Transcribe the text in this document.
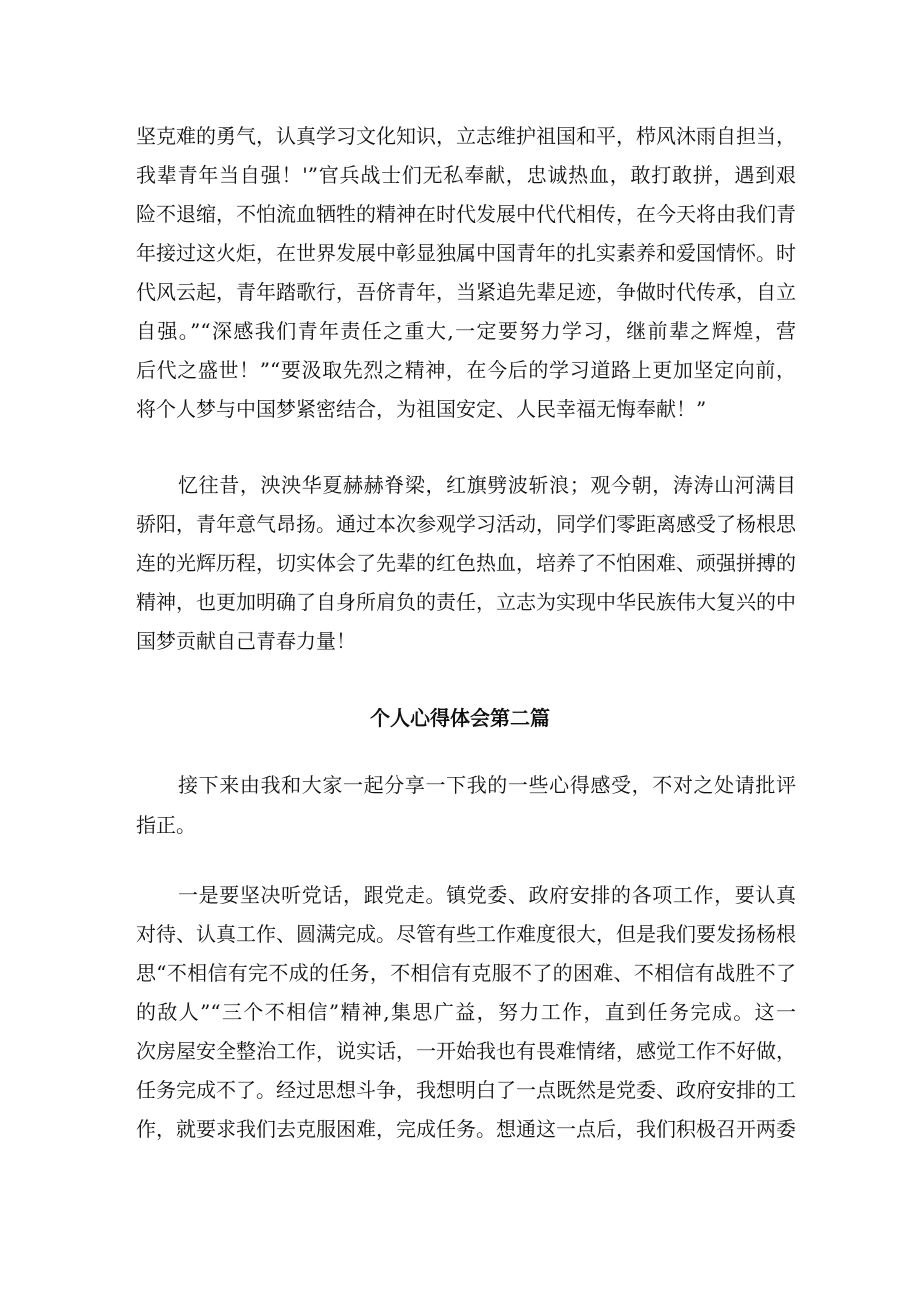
坚克难的勇气，认真学习文化知识，立志维护祖国和平，栉风沐雨自担当，
我辈青年当自强！'”官兵战士们无私奉献，忠诚热血，敢打敢拼，遇到艰
险不退缩，不怕流血牺牲的精神在时代发展中代代相传，在今天将由我们青
年接过这火炬，在世界发展中彰显独属中国青年的扎实素养和爱国情怀。时
代风云起，青年踏歌行，吾侪青年，当紧追先辈足迹，争做时代传承，自立
自强。”“深感我们青年责任之重大,一定要努力学习，继前辈之辉煌，营
后代之盛世！”“要汲取先烈之精神，在今后的学习道路上更加坚定向前，
将个人梦与中国梦紧密结合，为祖国安定、人民幸福无悔奉献！”
忆往昔，泱泱华夏赫赫脊梁，红旗劈波斩浪；观今朝，涛涛山河满目
骄阳，青年意气昂扬。通过本次参观学习活动，同学们零距离感受了杨根思
连的光辉历程，切实体会了先辈的红色热血，培养了不怕困难、顽强拼搏的
精神，也更加明确了自身所肩负的责任，立志为实现中华民族伟大复兴的中
国梦贡献自己青春力量！
个人心得体会第二篇
接下来由我和大家一起分享一下我的一些心得感受，不对之处请批评
指正。
一是要坚决听党话，跟党走。镇党委、政府安排的各项工作，要认真
对待、认真工作、圆满完成。尽管有些工作难度很大，但是我们要发扬杨根
思“不相信有完不成的任务，不相信有克服不了的困难、不相信有战胜不了
的敌人”“三个不相信”精神,集思广益，努力工作，直到任务完成。这一
次房屋安全整治工作，说实话，一开始我也有畏难情绪，感觉工作不好做，
任务完成不了。经过思想斗争，我想明白了一点既然是党委、政府安排的工
作，就要求我们去克服困难，完成任务。想通这一点后，我们积极召开两委
